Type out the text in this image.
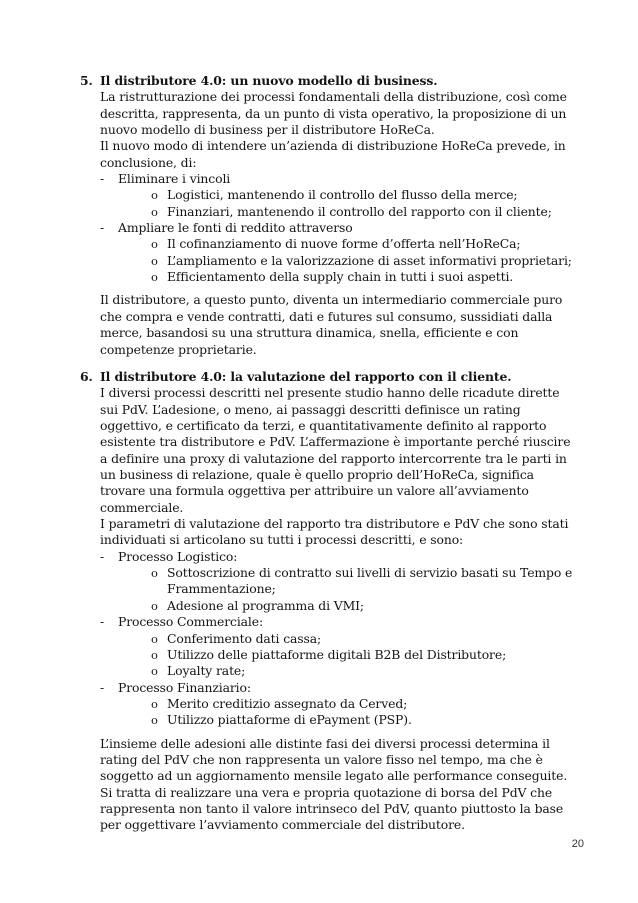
5. Il distributore 4.0: un nuovo modello di business.

La ristrutturazione dei processi fondamentali della distribuzione, così come descritta, rappresenta, da un punto di vista operativo, la proposizione di un nuovo modello di business per il distributore HoReCa.

Il nuovo modo di intendere un’azienda di distribuzione HoReCa prevede, in conclusione, di:

- Eliminare i vincoli
o Logistici, mantenendo il controllo del flusso della merce;
o Finanziari, mantenendo il controllo del rapporto con il cliente;
- Ampliare le fonti di reddito attraverso
o Il cofinanziamento di nuove forme d’offerta nell’HoReCa;
o L’ampliamento e la valorizzazione di asset informativi proprietari;
o Efficientamento della supply chain in tutti i suoi aspetti.

Il distributore, a questo punto, diventa un intermediario commerciale puro che compra e vende contratti, dati e futures sul consumo, sussidiati dalla merce, basandosi su una struttura dinamica, snella, efficiente e con competenze proprietarie.

6. Il distributore 4.0: la valutazione del rapporto con il cliente.

I diversi processi descritti nel presente studio hanno delle ricadute dirette sui PdV. L’adesione, o meno, ai passaggi descritti definisce un rating oggettivo, e certificato da terzi, e quantitativamente definito al rapporto esistente tra distributore e PdV. L’affermazione è importante perché riuscire a definire una proxy di valutazione del rapporto intercorrente tra le parti in un business di relazione, quale è quello proprio dell’HoReCa, significa trovare una formula oggettiva per attribuire un valore all’avviamento commerciale.

I parametri di valutazione del rapporto tra distributore e PdV che sono stati individuati si articolano su tutti i processi descritti, e sono:

- Processo Logistico:
o Sottoscrizione di contratto sui livelli di servizio basati su Tempo e Frammentazione;
o Adesione al programma di VMI;
- Processo Commerciale:
o Conferimento dati cassa;
o Utilizzo delle piattaforme digitali B2B del Distributore;
o Loyalty rate;
- Processo Finanziario:
o Merito creditizio assegnato da Cerved;
o Utilizzo piattaforme di ePayment (PSP).

L’insieme delle adesioni alle distinte fasi dei diversi processi determina il rating del PdV che non rappresenta un valore fisso nel tempo, ma che è soggetto ad un aggiornamento mensile legato alle performance conseguite. Si tratta di realizzare una vera e propria quotazione di borsa del PdV che rappresenta non tanto il valore intrinseco del PdV, quanto piuttosto la base per oggettivare l’avviamento commerciale del distributore.

20
